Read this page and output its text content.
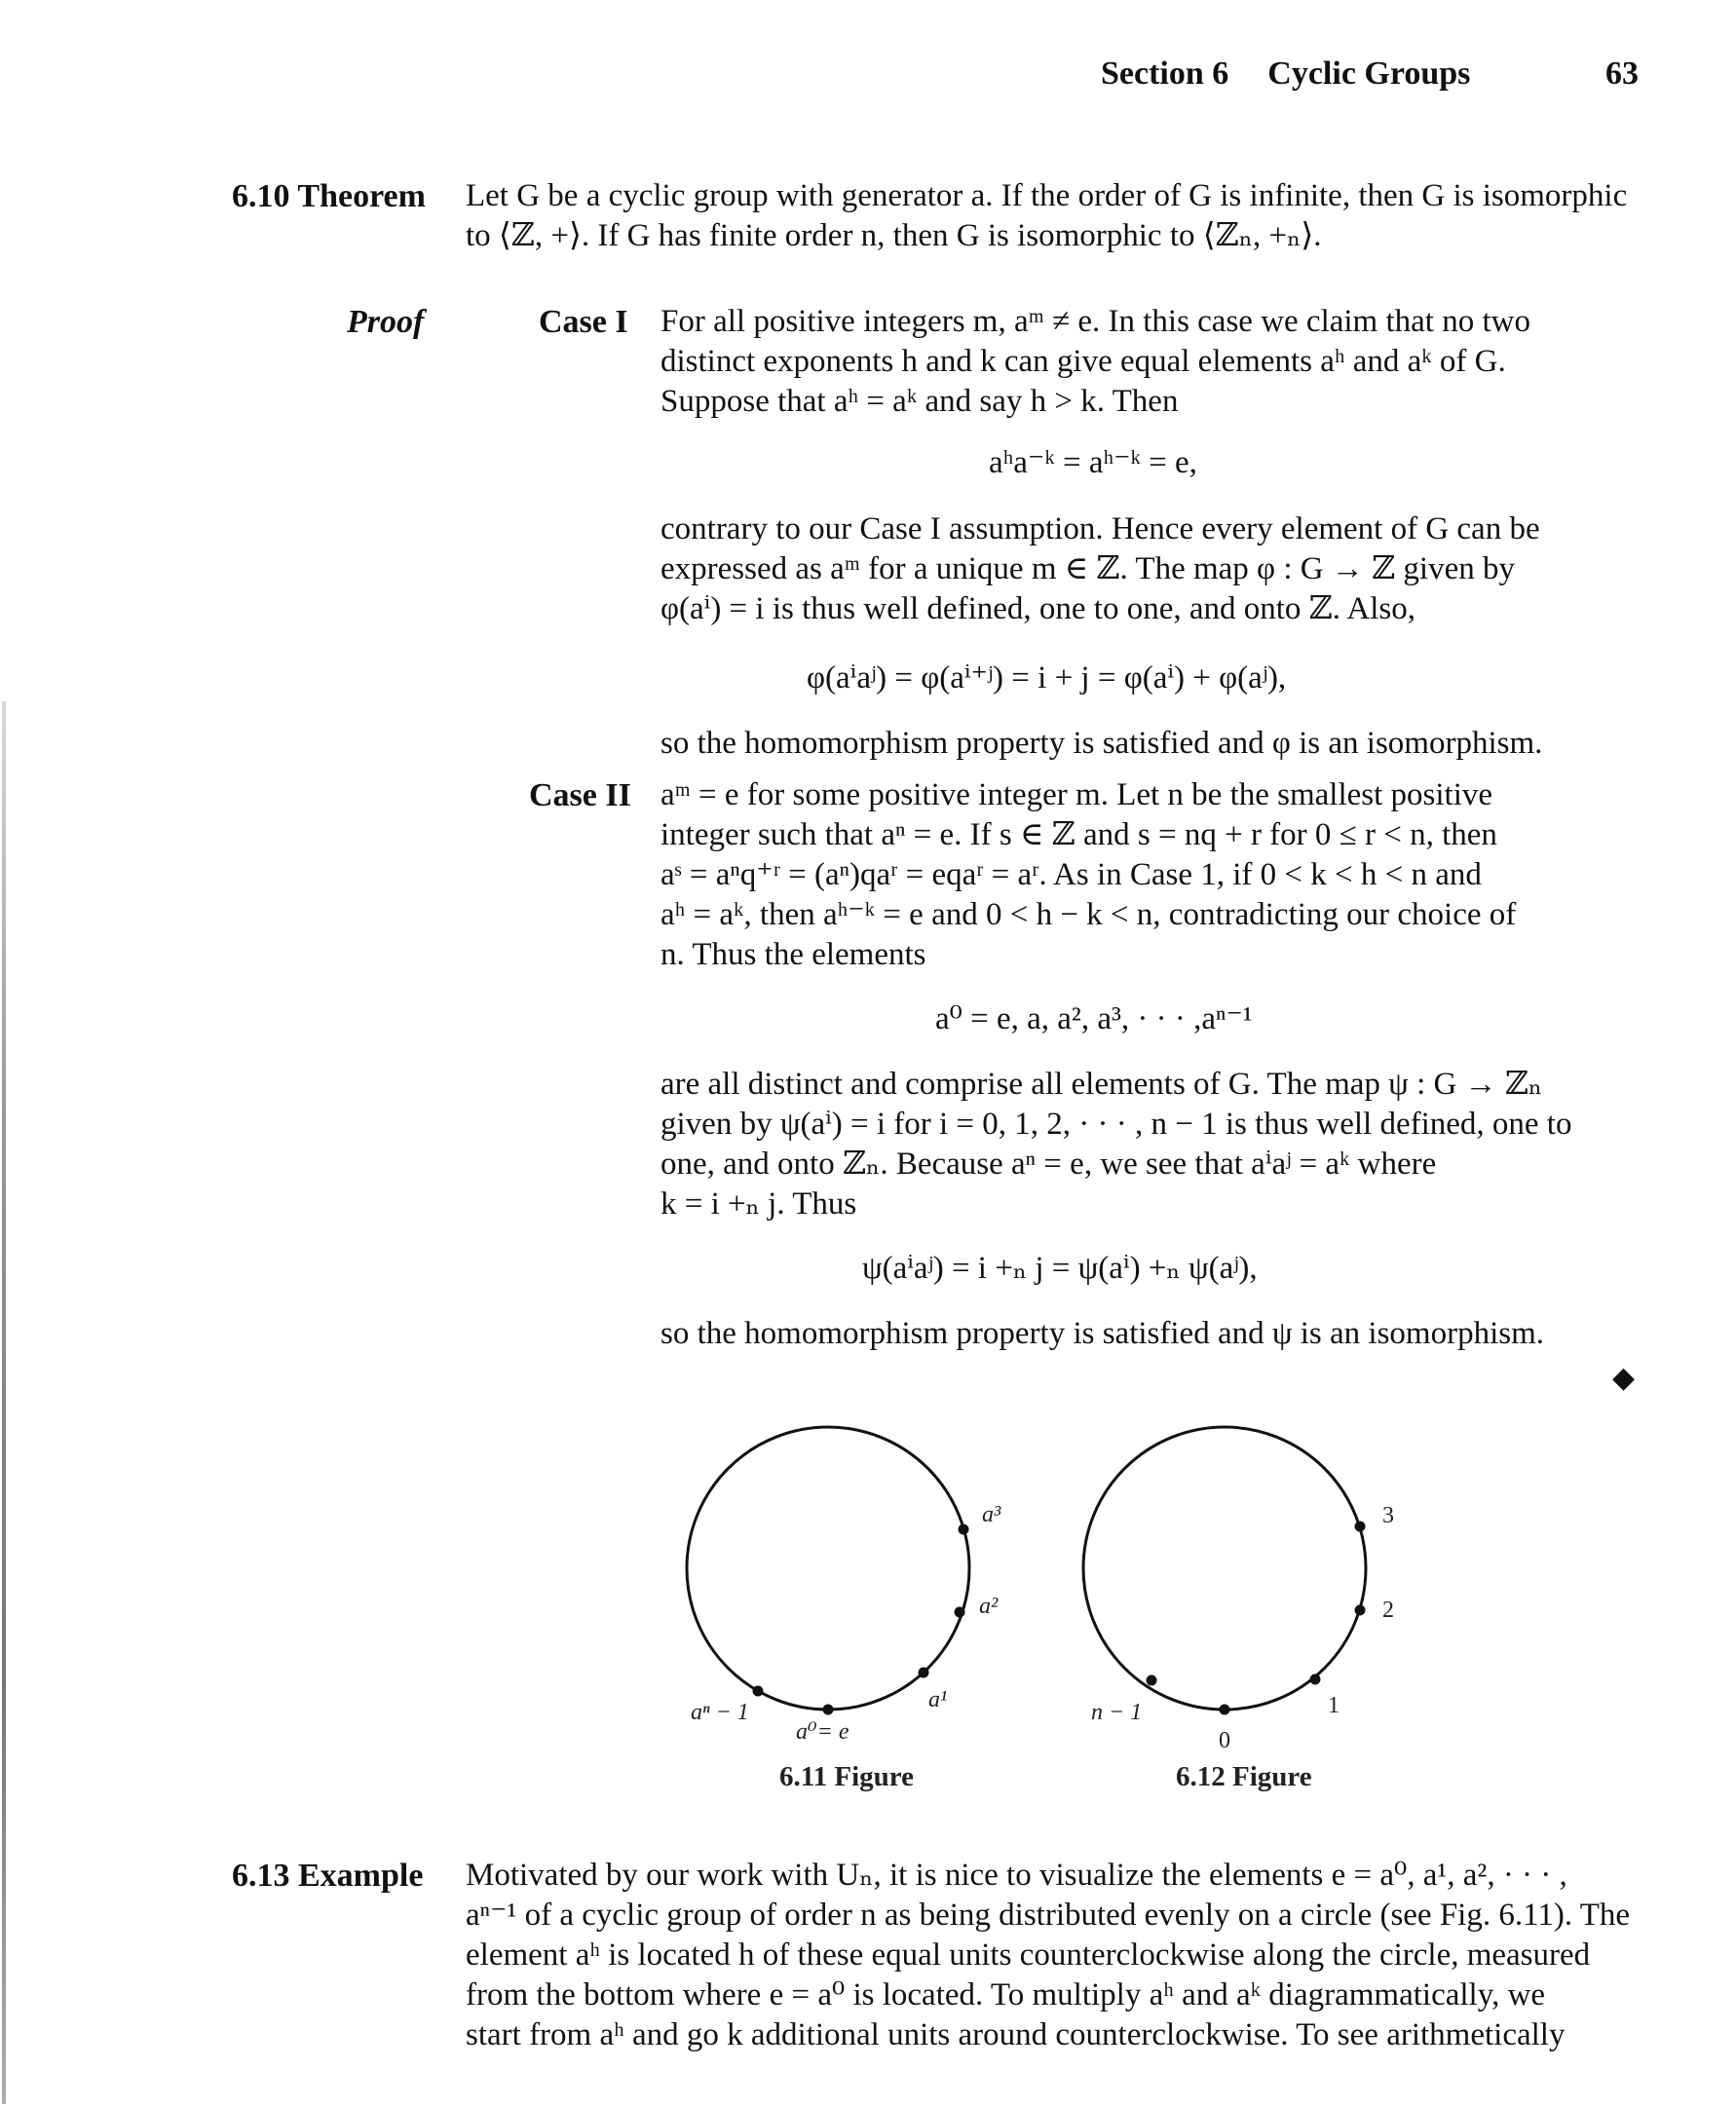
Section 6 Cyclic Groups	63
6.10 Theorem Let G be a cyclic group with generator a. If the order of G is infinite, then G is isomorphic
to ⟨ℤ, +⟩. If G has finite order n, then G is isomorphic to ⟨ℤₙ, +ₙ⟩.
Proof	Case I For all positive integers m, aᵐ ≠ e. In this case we claim that no two
distinct exponents h and k can give equal elements aʰ and aᵏ of G.
Suppose that aʰ = aᵏ and say h > k. Then
aʰa⁻ᵏ = aʰ⁻ᵏ = e,
contrary to our Case I assumption. Hence every element of G can be
expressed as aᵐ for a unique m ∈ ℤ. The map φ : G → ℤ given by
φ(aⁱ) = i is thus well defined, one to one, and onto ℤ. Also,
φ(aⁱaʲ) = φ(aⁱ⁺ʲ) = i + j = φ(aⁱ) + φ(aʲ),
so the homomorphism property is satisfied and φ is an isomorphism.
Case II aᵐ = e for some positive integer m. Let n be the smallest positive
integer such that aⁿ = e. If s ∈ ℤ and s = nq + r for 0 ≤ r < n, then
aˢ = aⁿq⁺ʳ = (aⁿ)qaʳ = eqaʳ = aʳ. As in Case 1, if 0 < k < h < n and
aʰ = aᵏ, then aʰ⁻ᵏ = e and 0 < h − k < n, contradicting our choice of
n. Thus the elements
a⁰ = e, a, a², a³, · · · ,aⁿ⁻¹
are all distinct and comprise all elements of G. The map ψ : G → ℤₙ
given by ψ(aⁱ) = i for i = 0, 1, 2, · · · , n − 1 is thus well defined, one to
one, and onto ℤₙ. Because aⁿ = e, we see that aⁱaʲ = aᵏ where
k = i +ₙ j. Thus
ψ(aⁱaʲ) = i +ₙ j = ψ(aⁱ) +ₙ ψ(aʲ),
so the homomorphism property is satisfied and ψ is an isomorphism.
◆
a³
a²
a¹
a⁰= e
aⁿ − 1
6.11 Figure
3
2
1
0
n − 1
6.12 Figure
6.13 Example Motivated by our work with Uₙ, it is nice to visualize the elements e = a⁰, a¹, a², · · · ,
aⁿ⁻¹ of a cyclic group of order n as being distributed evenly on a circle (see Fig. 6.11). The
element aʰ is located h of these equal units counterclockwise along the circle, measured
from the bottom where e = a⁰ is located. To multiply aʰ and aᵏ diagrammatically, we
start from aʰ and go k additional units around counterclockwise. To see arithmetically
